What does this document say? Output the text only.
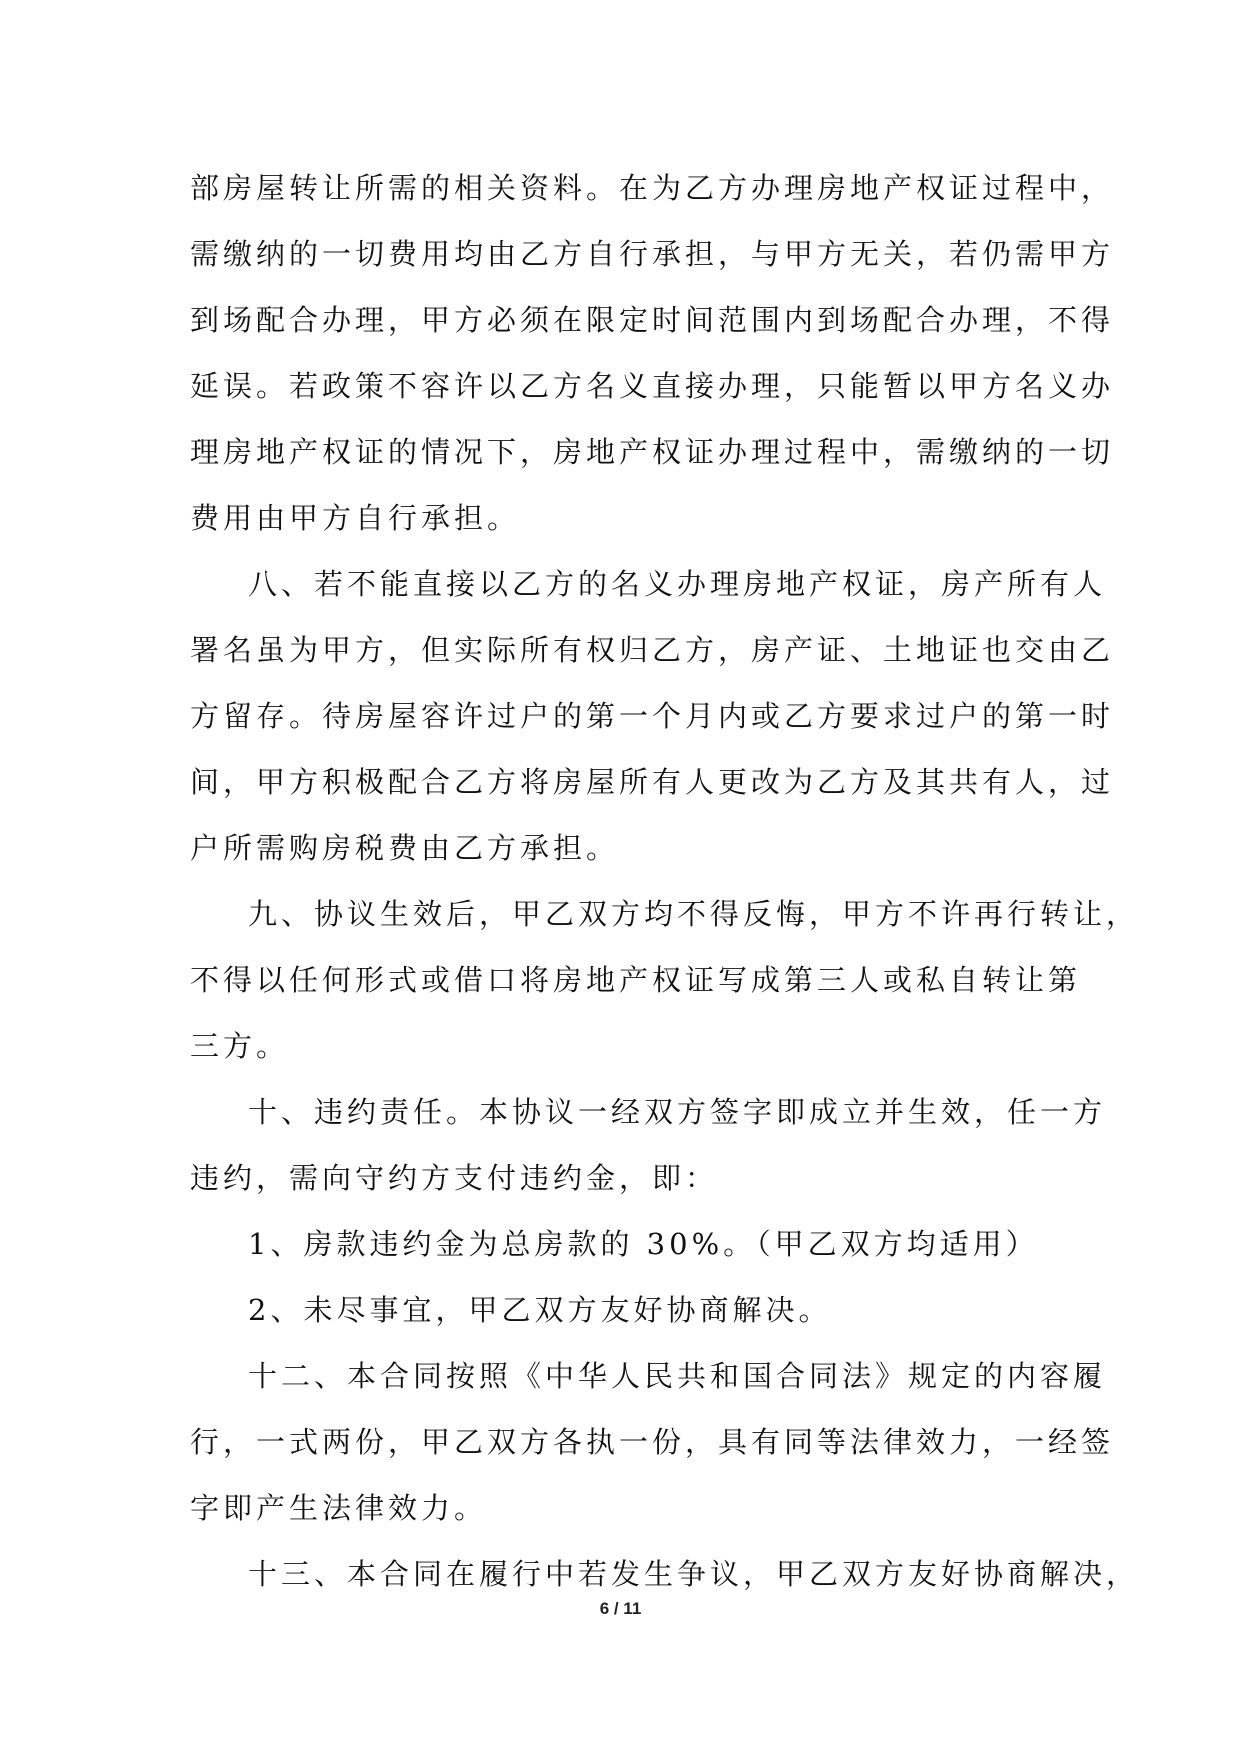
部房屋转让所需的相关资料。在为乙方办理房地产权证过程中，
需缴纳的一切费用均由乙方自行承担，与甲方无关，若仍需甲方
到场配合办理，甲方必须在限定时间范围内到场配合办理，不得
延误。若政策不容许以乙方名义直接办理，只能暂以甲方名义办
理房地产权证的情况下，房地产权证办理过程中，需缴纳的一切
费用由甲方自行承担。
八、若不能直接以乙方的名义办理房地产权证，房产所有人
署名虽为甲方，但实际所有权归乙方，房产证、土地证也交由乙
方留存。待房屋容许过户的第一个月内或乙方要求过户的第一时
间，甲方积极配合乙方将房屋所有人更改为乙方及其共有人，过
户所需购房税费由乙方承担。
九、协议生效后，甲乙双方均不得反悔，甲方不许再行转让，
不得以任何形式或借口将房地产权证写成第三人或私自转让第
三方。
十、违约责任。本协议一经双方签字即成立并生效，任一方
违约，需向守约方支付违约金，即：
1、房款违约金为总房款的 30%。（甲乙双方均适用）
2、未尽事宜，甲乙双方友好协商解决。
十二、本合同按照《中华人民共和国合同法》规定的内容履
行，一式两份，甲乙双方各执一份，具有同等法律效力，一经签
字即产生法律效力。
十三、本合同在履行中若发生争议，甲乙双方友好协商解决，
6 / 11
